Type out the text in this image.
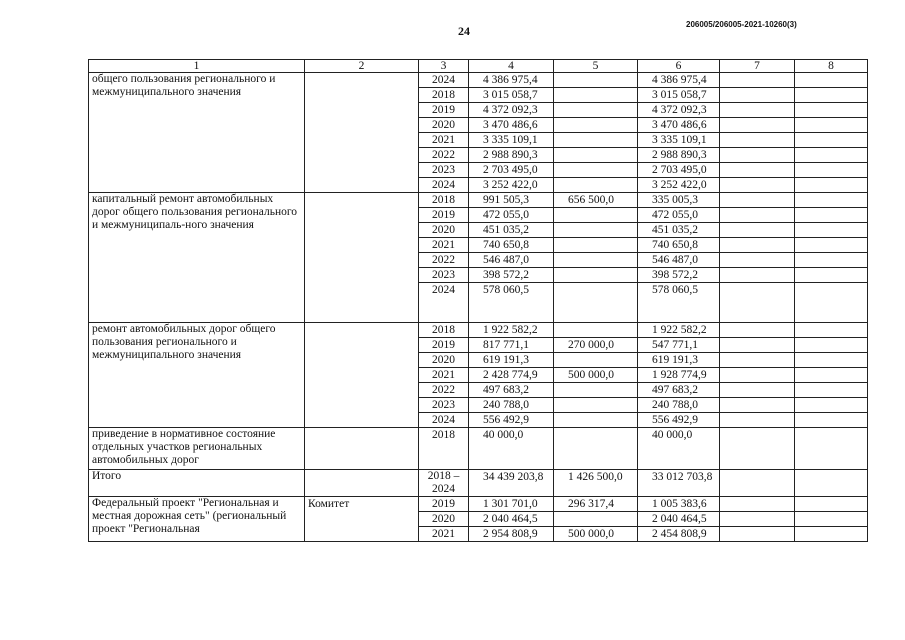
24	206005/206005-2021-10260(3)
1	2	3	4	5	6	7	8
общего пользования регионального и межмуниципального значения		2024	4 386 975,4		4 386 975,4		
		2018	3 015 058,7		3 015 058,7		
		2019	4 372 092,3		4 372 092,3		
		2020	3 470 486,6		3 470 486,6		
		2021	3 335 109,1		3 335 109,1		
		2022	2 988 890,3		2 988 890,3		
		2023	2 703 495,0		2 703 495,0		
		2024	3 252 422,0		3 252 422,0		
капитальный ремонт автомобильных дорог общего пользования регионального и межмуниципаль-ного значения		2018	991 505,3	656 500,0	335 005,3		
		2019	472 055,0		472 055,0		
		2020	451 035,2		451 035,2		
		2021	740 650,8		740 650,8		
		2022	546 487,0		546 487,0		
		2023	398 572,2		398 572,2		
		2024	578 060,5		578 060,5		
ремонт автомобильных дорог общего пользования регионального и межмуниципального значения		2018	1 922 582,2		1 922 582,2		
		2019	817 771,1	270 000,0	547 771,1		
		2020	619 191,3		619 191,3		
		2021	2 428 774,9	500 000,0	1 928 774,9		
		2022	497 683,2		497 683,2		
		2023	240 788,0		240 788,0		
		2024	556 492,9		556 492,9		
приведение в нормативное состояние отдельных участков региональных автомобильных дорог		2018	40 000,0		40 000,0		
Итого		2018 – 2024	34 439 203,8	1 426 500,0	33 012 703,8		
Федеральный проект "Региональная и местная дорожная сеть" (региональный проект "Региональная	Комитет	2019	1 301 701,0	296 317,4	1 005 383,6		
		2020	2 040 464,5		2 040 464,5		
		2021	2 954 808,9	500 000,0	2 454 808,9		
